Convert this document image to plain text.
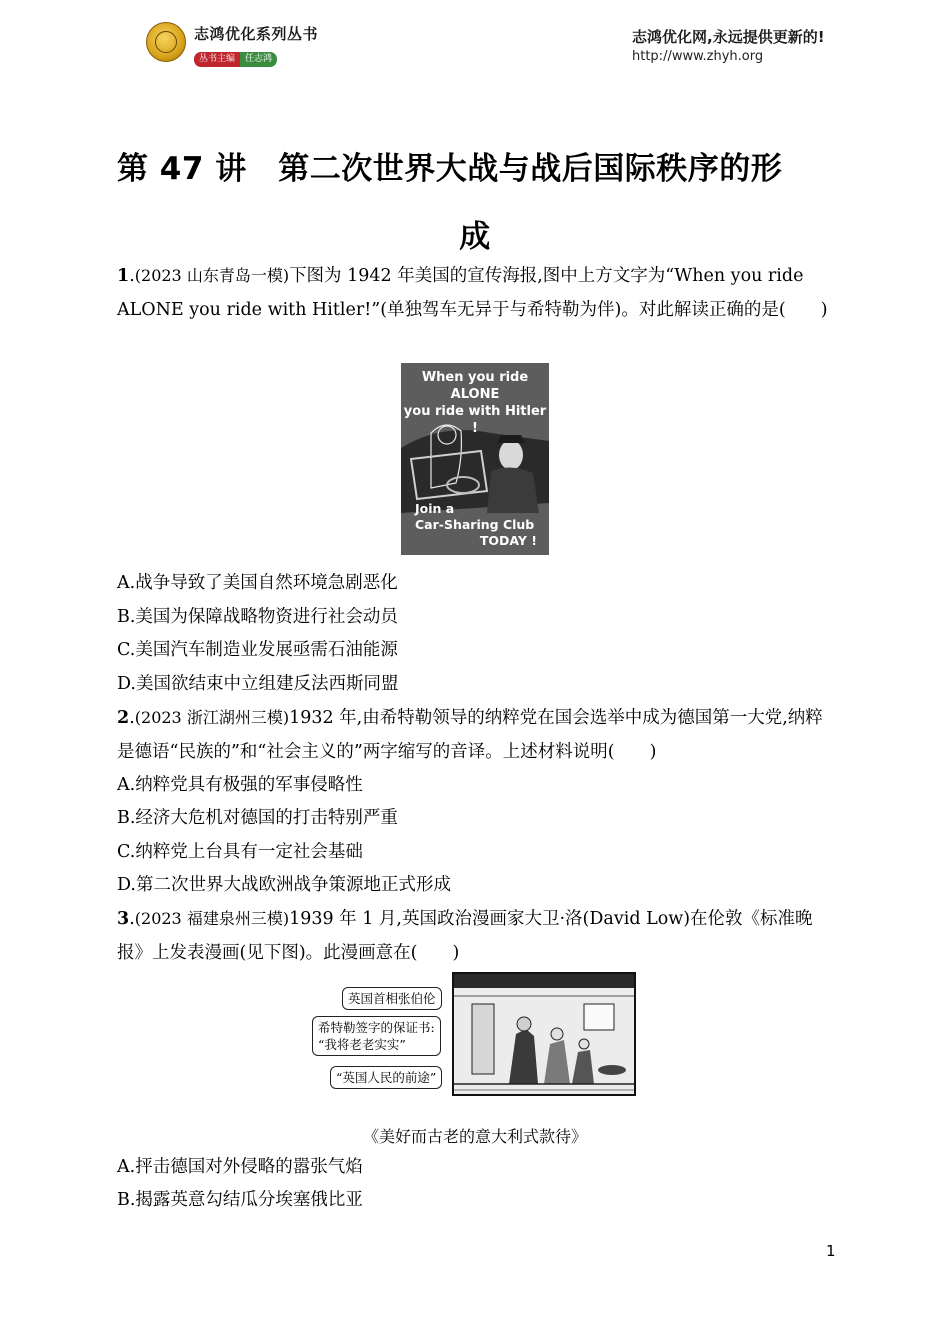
志鸿优化系列丛书
丛书主编 任志鸿
志鸿优化网,永远提供更新的!
http://www.zhyh.org
第 47 讲　第二次世界大战与战后国际秩序的形
成
1.(2023 山东青岛一模)下图为 1942 年美国的宣传海报,图中上方文字为“When you ride ALONE you ride with Hitler!”(单独驾车无异于与希特勒为伴)。对此解读正确的是(　　)
When you ride ALONE
you ride with Hitler !
Join a
Car-Sharing Club
TODAY !
A.战争导致了美国自然环境急剧恶化
B.美国为保障战略物资进行社会动员
C.美国汽车制造业发展亟需石油能源
D.美国欲结束中立组建反法西斯同盟
2.(2023 浙江湖州三模)1932 年,由希特勒领导的纳粹党在国会选举中成为德国第一大党,纳粹是德语“民族的”和“社会主义的”两字缩写的音译。上述材料说明(　　)
A.纳粹党具有极强的军事侵略性
B.经济大危机对德国的打击特别严重
C.纳粹党上台具有一定社会基础
D.第二次世界大战欧洲战争策源地正式形成
3.(2023 福建泉州三模)1939 年 1 月,英国政治漫画家大卫·洛(David Low)在伦敦《标准晚报》上发表漫画(见下图)。此漫画意在(　　)
英国首相张伯伦
希特勒签字的保证书:
“我将老老实实”
“英国人民的前途”
《美好而古老的意大利式款待》
A.抨击德国对外侵略的嚣张气焰
B.揭露英意勾结瓜分埃塞俄比亚
1
